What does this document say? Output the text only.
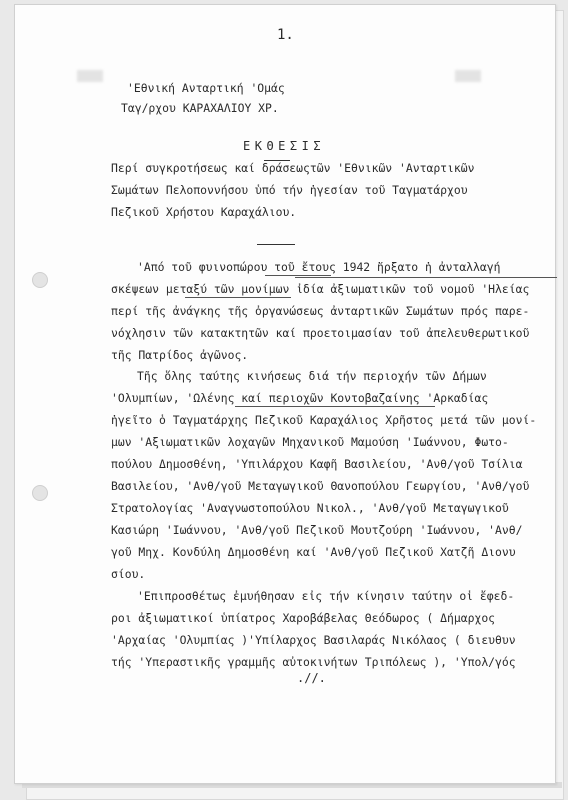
1.
'Εθνική Ανταρτική 'Ομάς
Ταγ/ρχου ΚΑΡΑΧΑΛΙΟΥ ΧΡ.
ΕΚΘΕΣΙΣ
Περί συγκροτήσεως καί δράσεωςτῶν 'Εθνικῶν 'Ανταρτικῶν
Σωμάτων Πελοποννήσου ὑπό τήν ἡγεσίαν τοῦ Ταγματάρχου
Πεζικοῦ Χρήστου Καραχάλιου.
'Από τοῦ φυινοπώρου τοῦ ἔτους 1942 ἤρξατο ἡ ἀνταλλαγή
σκέψεων μεταξύ τῶν μονίμων ἰδία ἀξιωματικῶν τοῦ νομοῦ 'Ηλείας
περί τῆς ἀνάγκης τῆς ὀργανώσεως ἀνταρτικῶν Σωμάτων πρός παρε-
νόχλησιν τῶν κατακτητῶν καί προετοιμασίαν τοῦ ἀπελευθερωτικοῦ
τῆς Πατρίδος ἀγῶνος.
Τῆς ὅλης ταύτης κινήσεως διά τήν περιοχήν τῶν Δήμων
'Ολυμπίων, 'Ωλένης καί περιοχῶν Κοντοβαζαίνης 'Αρκαδίας
ἡγεῖτο ὁ Ταγματάρχης Πεζικοῦ Καραχάλιος Χρῆστος μετά τῶν μονί-
μων 'Αξιωματικῶν λοχαγῶν Μηχανικοῦ Μαμούση 'Ιωάννου, Φωτο-
πούλου Δημοσθένη, 'Υπιλάρχου Καφῆ Βασιλείου, 'Ανθ/γοῦ Τσίλια
Βασιλείου, 'Ανθ/γοῦ Μεταγωγικοῦ Θανοπούλου Γεωργίου, 'Ανθ/γοῦ
Στρατολογίας 'Αναγνωστοπούλου Νικολ., 'Ανθ/γοῦ Μεταγωγικοῦ
Κασιώρη 'Ιωάννου, 'Ανθ/γοῦ Πεζικοῦ Μουτζούρη 'Ιωάννου, 'Ανθ/
γοῦ Μηχ. Κονδύλη Δημοσθένη καί 'Ανθ/γοῦ Πεζικοῦ Χατζῆ Διονυ
σίου.
'Επιπροσθέτως ἐμυήθησαν εἰς τήν κίνησιν ταύτην οἱ ἔφεδ-
ροι ἀξιωματικοί ὑπίατρος Χαροβάβελας Θεόδωρος ( Δήμαρχος
'Αρχαίας 'Ολυμπίας )'Υπίλαρχος Βασιλαράς Νικόλαος ( διευθυν
τής 'Υπεραστικῆς γραμμῆς αὐτοκινήτων Τριπόλεως ), 'Υπολ/γός
.//.
